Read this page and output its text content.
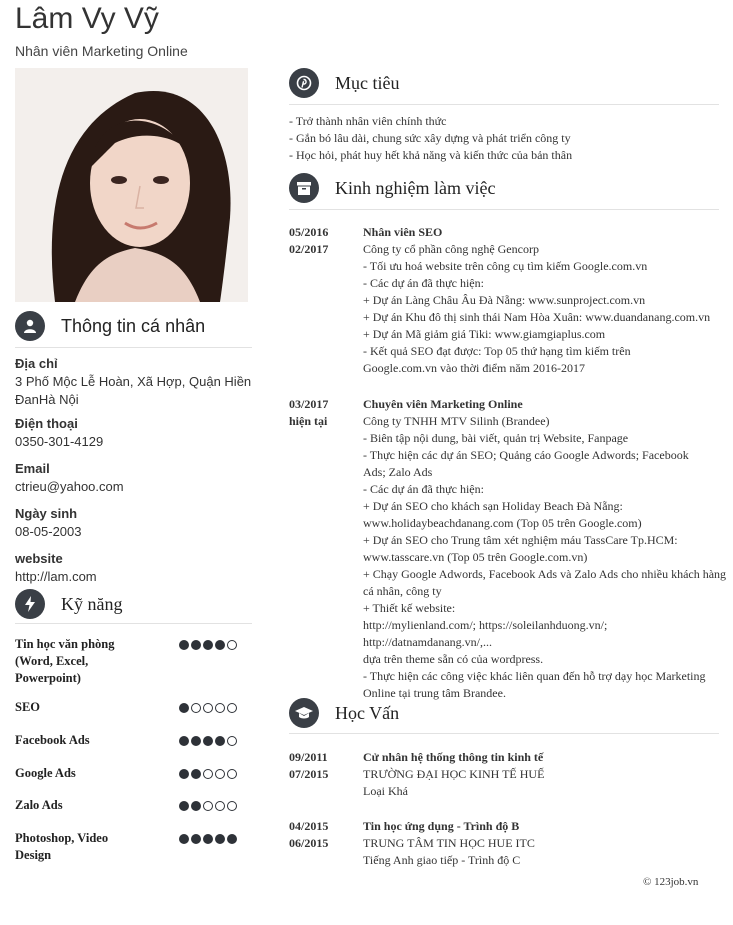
Lâm Vy Vỹ
Nhân viên Marketing Online
Thông tin cá nhân
Địa chỉ
3 Phố Mộc Lễ Hoàn, Xã Hợp, Quận Hiền
ĐanHà Nội
Điện thoại
0350-301-4129
Email
ctrieu@yahoo.com
Ngày sinh
08-05-2003
website
http://lam.com
Kỹ năng
Tin học văn phòng
(Word, Excel,
Powerpoint)
SEO
Facebook Ads
Google Ads
Zalo Ads
Photoshop, Video
Design
Mục tiêu
- Trở thành nhân viên chính thức
- Gắn bó lâu dài, chung sức xây dựng và phát triển công ty
- Học hỏi, phát huy hết khả năng và kiến thức của bản thân
Kinh nghiệm làm việc
05/2016
02/2017
Nhân viên SEO
Công ty cổ phần công nghệ Gencorp
- Tối ưu hoá website trên công cụ tìm kiếm Google.com.vn
- Các dự án đã thực hiện:
+ Dự án Làng Châu Âu Đà Nẵng: www.sunproject.com.vn
+ Dự án Khu đô thị sinh thái Nam Hòa Xuân: www.duandanang.com.vn
+ Dự án Mã giảm giá Tiki: www.giamgiaplus.com
- Kết quả SEO đạt được: Top 05 thứ hạng tìm kiếm trên
Google.com.vn vào thời điểm năm 2016-2017
03/2017
hiện tại
Chuyên viên Marketing Online
Công ty TNHH MTV Silinh (Brandee)
- Biên tập nội dung, bài viết, quản trị Website, Fanpage
- Thực hiện các dự án SEO; Quảng cáo Google Adwords; Facebook
Ads; Zalo Ads
- Các dự án đã thực hiện:
+ Dự án SEO cho khách sạn Holiday Beach Đà Nẵng:
www.holidaybeachdanang.com (Top 05 trên Google.com)
+ Dự án SEO cho Trung tâm xét nghiệm máu TassCare Tp.HCM:
www.tasscare.vn (Top 05 trên Google.com.vn)
+ Chạy Google Adwords, Facebook Ads và Zalo Ads cho nhiều khách hàng
cá nhân, công ty
+ Thiết kế website:
http://mylienland.com/; https://soleilanhduong.vn/; http://datnamdanang.vn/,...
dựa trên theme sẵn có của wordpress.
- Thực hiện các công việc khác liên quan đến hỗ trợ dạy học Marketing
Online tại trung tâm Brandee.
Học Vấn
09/2011
07/2015
Cử nhân hệ thống thông tin kinh tế
TRƯỜNG ĐẠI HỌC KINH TẾ HUẾ
Loại Khá
04/2015
06/2015
Tin học ứng dụng - Trình độ B
TRUNG TÂM TIN HỌC HUE ITC
Tiếng Anh giao tiếp - Trình độ C
© 123job.vn
